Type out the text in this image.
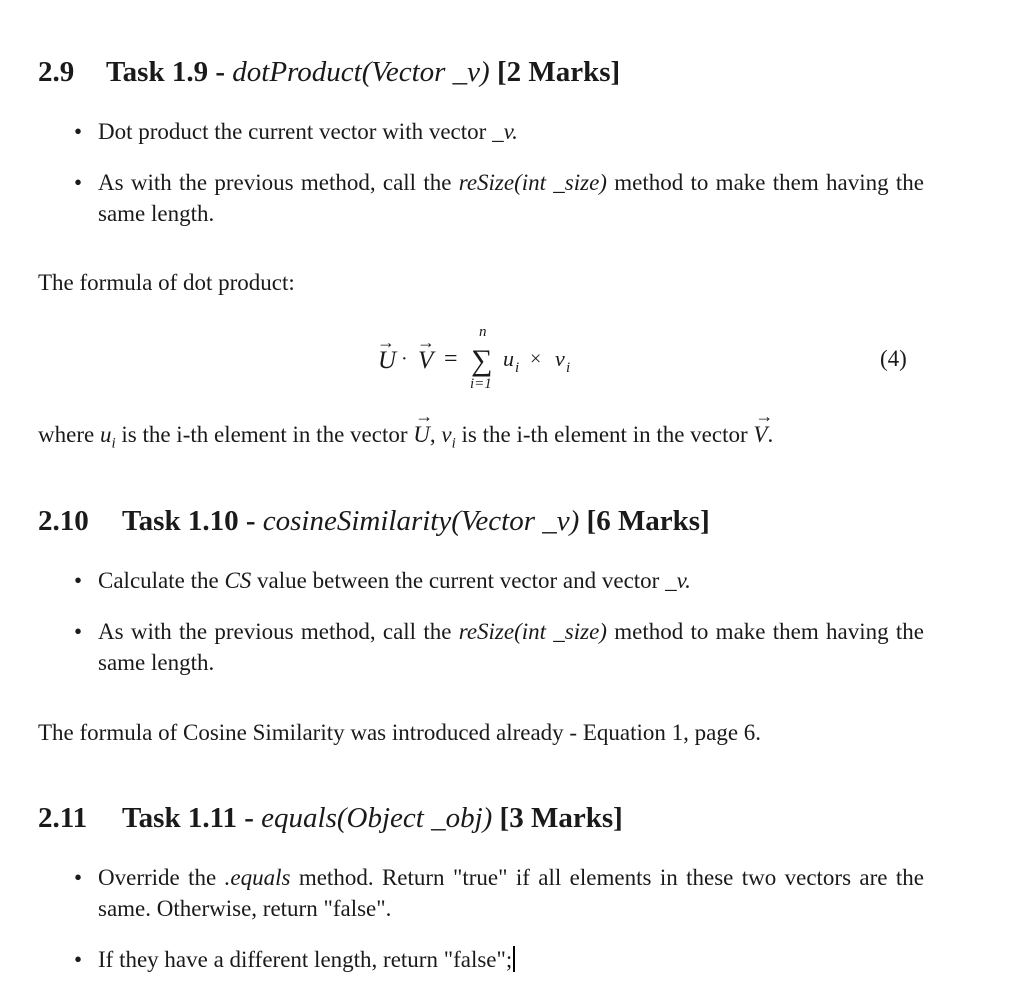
2.9 Task 1.9 - dotProduct(Vector _v) [2 Marks]
• Dot product the current vector with vector _v.
• As with the previous method, call the reSize(int _size) method to make them having the same length.

The formula of dot product:

U
→
· V
→
= ∑
n
i=1
u i × v i	(4)

where $u_i$ is the i-th element in the vector
→
U, $v_i$ is the i-th element in the vector
→
V.

2.10 Task 1.10 - cosineSimilarity(Vector _v) [6 Marks]
• Calculate the CS value between the current vector and vector _v.
• As with the previous method, call the reSize(int _size) method to make them having the same length.

The formula of Cosine Similarity was introduced already - Equation 1, page 6.

2.11 Task 1.11 - equals(Object _obj) [3 Marks]
• Override the .equals method. Return "true" if all elements in these two vectors are the same. Otherwise, return "false".
• If they have a different length, return "false";
